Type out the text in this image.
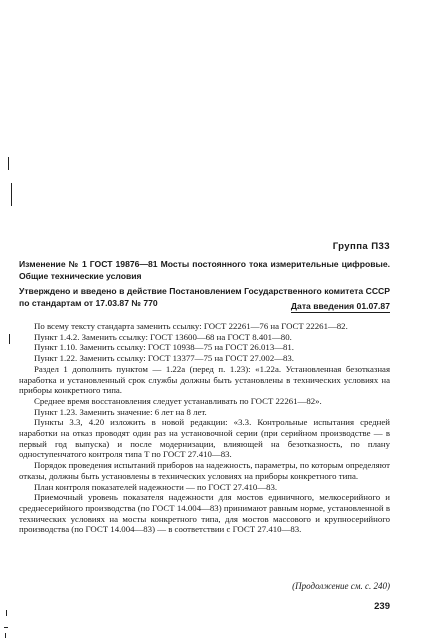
Группа П33

Изменение № 1 ГОСТ 19876—81 Мосты постоянного тока измерительные цифровые. Общие технические условия

Утверждено и введено в действие Постановлением Государственного комитета СССР по стандартам от 17.03.87 № 770	Дата введения 01.07.87

По всему тексту стандарта заменить ссылку: ГОСТ 22261—76 на ГОСТ 22261—82.

Пункт 1.4.2. Заменить ссылку: ГОСТ 13600—68 на ГОСТ 8.401—80.

Пункт 1.10. Заменить ссылку: ГОСТ 10938—75 на ГОСТ 26.013—81.

Пункт 1.22. Заменить ссылку: ГОСТ 13377—75 на ГОСТ 27.002—83.

Раздел 1 дополнить пунктом — 1.22а (перед п. 1.23): «1.22а. Установленная безотказная наработка и установленный срок службы должны быть установлены в технических условиях на приборы конкретного типа.

Среднее время восстановления следует устанавливать по ГОСТ 22261—82».

Пункт 1.23. Заменить значение: 6 лет на 8 лет.

Пункты 3.3, 4.20 изложить в новой редакции: «3.3. Контрольные испытания средней наработки на отказ проводят один раз на установочной серии (при серийном производстве — в первый год выпуска) и после модернизации, влияющей на безотказность, по плану одноступенчатого контроля типа Т по ГОСТ 27.410—83.

Порядок проведения испытаний приборов на надежность, параметры, по которым определяют отказы, должны быть установлены в технических условиях на приборы конкретного типа.

План контроля показателей надежности — по ГОСТ 27.410—83.

Приемочный уровень показателя надежности для мостов единичного, мелкосерийного и среднесерийного производства (по ГОСТ 14.004—83) принимают равным норме, установленной в технических условиях на мосты конкретного типа, для мостов массового и крупносерийного производства (по ГОСТ 14.004—83) — в соответствии с ГОСТ 27.410—83.

(Продолжение см. с. 240)
239
